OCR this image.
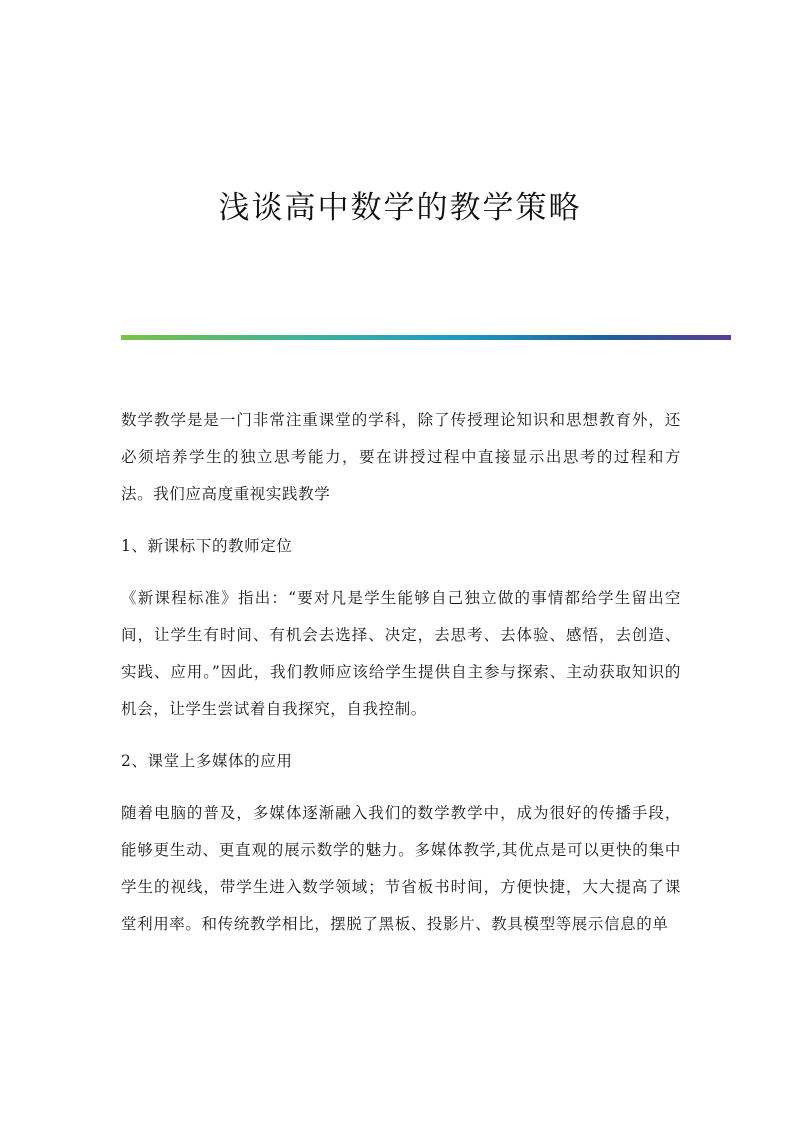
浅谈高中数学的教学策略

数学教学是是一门非常注重课堂的学科，除了传授理论知识和思想教育外，还必须培养学生的独立思考能力，要在讲授过程中直接显示出思考的过程和方法。我们应高度重视实践教学

1、新课标下的教师定位

《新课程标准》指出：“要对凡是学生能够自己独立做的事情都给学生留出空间，让学生有时间、有机会去选择、决定，去思考、去体验、感悟，去创造、实践、应用。”因此，我们教师应该给学生提供自主参与探索、主动获取知识的机会，让学生尝试着自我探究，自我控制。

2、课堂上多媒体的应用

随着电脑的普及，多媒体逐渐融入我们的数学教学中，成为很好的传播手段，能够更生动、更直观的展示数学的魅力。多媒体教学,其优点是可以更快的集中学生的视线，带学生进入数学领域；节省板书时间，方便快捷，大大提高了课堂利用率。和传统教学相比，摆脱了黑板、投影片、教具模型等展示信息的单
